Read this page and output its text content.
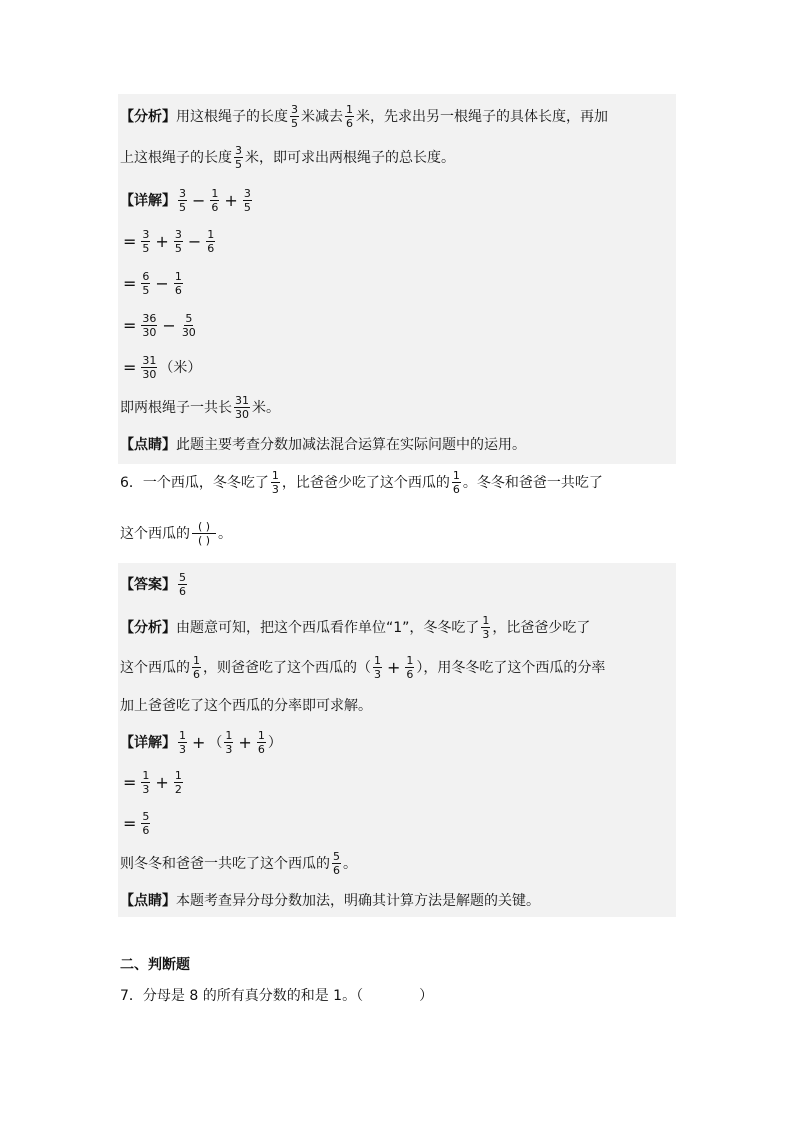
【分析】 用这根绳子的长度 $\frac{3}{5}$ 米减去 $\frac{1}{6}$ 米，先求出另一根绳子的具体长度，再加
上这根绳子的长度 $\frac{3}{5}$ 米，即可求出两根绳子的总长度。
【详解】 $\frac{3}{5} - \frac{1}{6} + \frac{3}{5}$
= $\frac{3}{5} + \frac{3}{5} - \frac{1}{6}$
= $\frac{6}{5} - \frac{1}{6}$
= $\frac{36}{30} - \frac{5}{30}$
= $\frac{31}{30}$ （米）
即两根绳子一共长 $\frac{31}{30}$ 米。
【点睛】 此题主要考查分数加减法混合运算在实际问题中的运用。
6．一个西瓜，冬冬吃了 $\frac{1}{3}$ ，比爸爸少吃了这个西瓜的 $\frac{1}{6}$ 。冬冬和爸爸一共吃了
这个西瓜的 $\frac{( )}{( )}$ 。
【答案】 $\frac{5}{6}$
【分析】 由题意可知，把这个西瓜看作单位“1”，冬冬吃了 $\frac{1}{3}$ ，比爸爸少吃了
这个西瓜的 $\frac{1}{6}$ ，则爸爸吃了这个西瓜的（ $\frac{1}{3} + \frac{1}{6}$ ），用冬冬吃了这个西瓜的分率
加上爸爸吃了这个西瓜的分率即可求解。
【详解】 $\frac{1}{3}$ + （ $\frac{1}{3} + \frac{1}{6}$ ）
= $\frac{1}{3} + \frac{1}{2}$
= $\frac{5}{6}$
则冬冬和爸爸一共吃了这个西瓜的 $\frac{5}{6}$ 。
【点睛】 本题考查异分母分数加法，明确其计算方法是解题的关键。
二、判断题
7．分母是 8 的所有真分数的和是 1。（　　　　）
